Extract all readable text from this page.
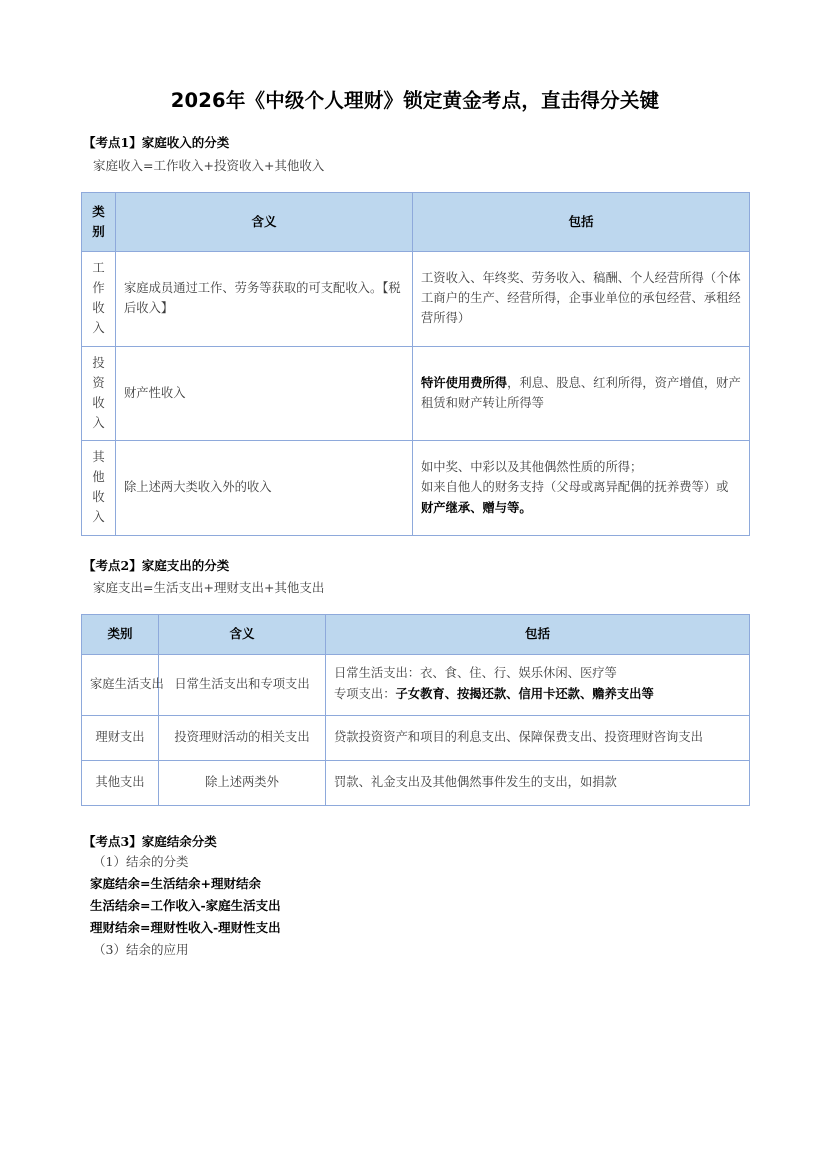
2026年《中级个人理财》锁定黄金考点，直击得分关键
【考点1】家庭收入的分类
家庭收入=工作收入+投资收入+其他收入
类别	含义	包括
工作收入	家庭成员通过工作、劳务等获取的可支配收入。【税后收入】	工资收入、年终奖、劳务收入、稿酬、个人经营所得（个体工商户的生产、经营所得，企事业单位的承包经营、承租经营所得）
投资收入	财产性收入	特许使用费所得，利息、股息、红利所得，资产增值，财产租赁和财产转让所得等
其他收入	除上述两大类收入外的收入	如中奖、中彩以及其他偶然性质的所得；
如来自他人的财务支持（父母或离异配偶的抚养费等）或
财产继承、赠与等。
【考点2】家庭支出的分类
家庭支出=生活支出+理财支出+其他支出
类别	含义	包括
家庭生活支出	日常生活支出和专项支出	日常生活支出：衣、食、住、行、娱乐休闲、医疗等
专项支出：子女教育、按揭还款、信用卡还款、赡养支出等

理财支出	投资理财活动的相关支出	贷款投资资产和项目的利息支出、保障保费支出、投资理财咨询支出
其他支出	除上述两类外	罚款、礼金支出及其他偶然事件发生的支出，如捐款
【考点3】家庭结余分类
（1）结余的分类
家庭结余=生活结余+理财结余
生活结余=工作收入-家庭生活支出
理财结余=理财性收入-理财性支出
（3）结余的应用
